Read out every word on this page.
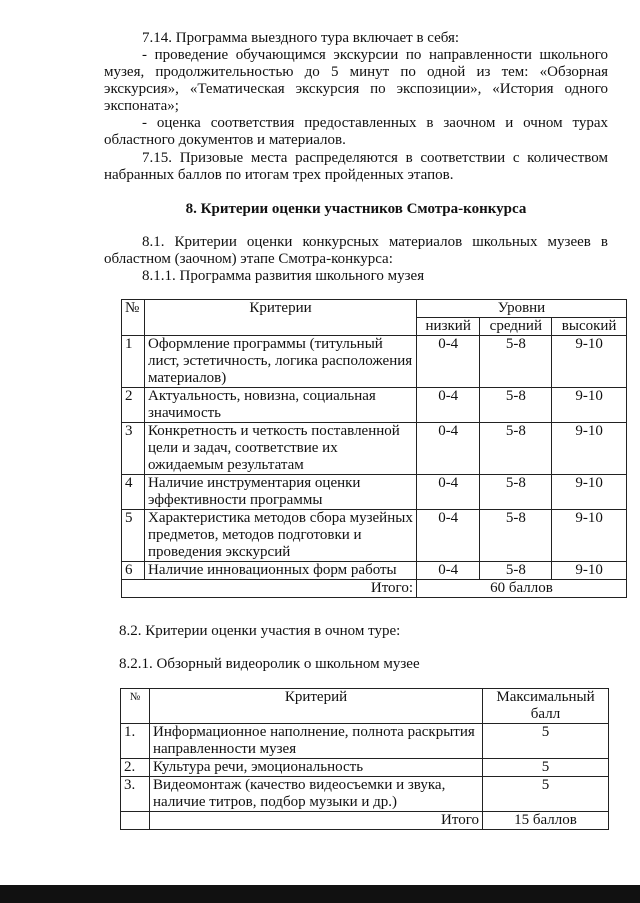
7.14. Программа выездного тура включает в себя:

- проведение обучающимся экскурсии по направленности школьного музея, продолжительностью до 5 минут по одной из тем: «Обзорная экскурсия», «Тематическая экскурсия по экспозиции», «История одного экспоната»;

- оценка соответствия предоставленных в заочном и очном турах областного документов и материалов.

7.15. Призовые места распределяются в соответствии с количеством набранных баллов по итогам трех пройденных этапов.

8. Критерии оценки участников Смотра-конкурса

8.1. Критерии оценки конкурсных материалов школьных музеев в областном (заочном) этапе Смотра-конкурса:

8.1.1. Программа развития школьного музея

№	Критерии	Уровни		
		низкий	средний	высокий
1	Оформление программы (титульный лист, эстетичность, логика расположения материалов)	0-4	5-8	9-10
2	Актуальность, новизна, социальная значимость	0-4	5-8	9-10
3	Конкретность и четкость поставленной цели и задач, соответствие их ожидаемым результатам	0-4	5-8	9-10
4	Наличие инструментария оценки эффективности программы	0-4	5-8	9-10
5	Характеристика методов сбора музейных предметов, методов подготовки и проведения экскурсий	0-4	5-8	9-10
6	Наличие инновационных форм работы	0-4	5-8	9-10
Итого:		60 баллов		

8.2. Критерии оценки участия в очном туре:

8.2.1. Обзорный видеоролик о школьном музее

№	Критерий	Максимальный балл
1.	Информационное наполнение, полнота раскрытия направленности музея	5
2.	Культура речи, эмоциональность	5
3.	Видеомонтаж (качество видеосъемки и звука, наличие титров, подбор музыки и др.)	5
	Итого	15 баллов
